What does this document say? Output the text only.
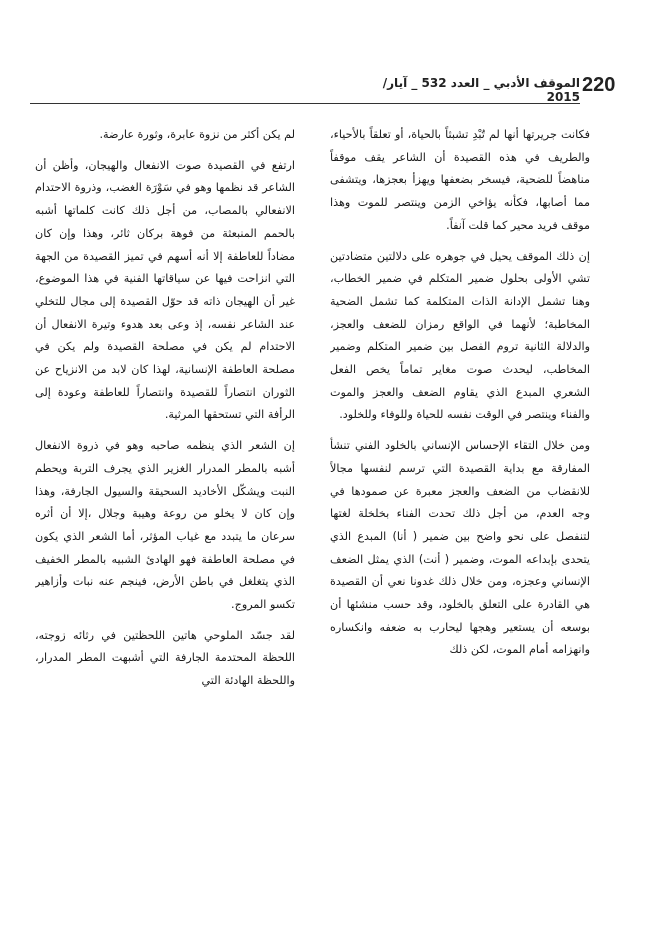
220
الموقف الأدبي _ العدد 532 _ آيار/ 2015

فكانت جريرتها أنها لم تُبْدِ تشبثاً بالحياة، أو تعلقاً بالأحياء، والطريف في هذه القصيدة أن الشاعر يقف موقفاً مناهضاً للضحية، فيسخر بضعفها ويهزأ بعجزها، ويتشفى مما أصابها، فكأنه يؤاخي الزمن وينتصر للموت وهذا موقف فريد محير كما قلت آنفاً.

إن ذلك الموقف يحيل في جوهره على دلالتين متضادتين تشي الأولى بحلول ضمير المتكلم في ضمير الخطاب، وهنا تشمل الإدانة الذات المتكلمة كما تشمل الضحية المخاطبة؛ لأنهما في الواقع رمزان للضعف والعجز، والدلالة الثانية تروم الفصل بين ضمير المتكلم وضمير المخاطب، ليحدث صوت مغاير تماماً يخص الفعل الشعري المبدع الذي يقاوم الضعف والعجز والموت والفناء وينتصر في الوقت نفسه للحياة وللوفاء وللخلود.

ومن خلال التقاء الإحساس الإنساني بالخلود الفني تنشأ المفارقة مع بداية القصيدة التي ترسم لنفسها مجالاً للانقضاب من الضعف والعجز معبرة عن صمودها في وجه العدم، من أجل ذلك تحدت الفناء بخلخلة لغتها لتنفصل على نحو واضح بين ضمير ( أنا) المبدع الذي يتحدى بإبداعه الموت، وضمير ( أنت) الذي يمثل الضعف الإنساني وعجزه، ومن خلال ذلك غدونا نعي أن القصيدة هي القادرة على التعلق بالخلود، وقد حسب منشئها أن بوسعه أن يستعير وهجها ليحارب به ضعفه وانكساره وانهزامه أمام الموت، لكن ذلك

لم يكن أكثر من نزوة عابرة، وثورة عارضة.

ارتفع في القصيدة صوت الانفعال والهيجان، وأظن أن الشاعر قد نظمها وهو في سَوْرَة الغضب، وذروة الاحتدام الانفعالي بالمصاب، من أجل ذلك كانت كلماتها أشبه بالحمم المنبعثة من فوهة بركان ثائر، وهذا وإن كان مضاداً للعاطفة إلا أنه أسهم في تميز القصيدة من الجهة التي انزاحت فيها عن سياقاتها الفنية في هذا الموضوع، غير أن الهيجان ذاته قد حوّل القصيدة إلى مجال للتخلي عند الشاعر نفسه، إذ وعى بعد هدوء وتيرة الانفعال أن الاحتدام لم يكن في مصلحة القصيدة ولم يكن في مصلحة العاطفة الإنسانية، لهذا كان لابد من الانزياح عن الثوران انتصاراً للقصيدة وانتصاراً للعاطفة وعودة إلى الرأفة التي تستحقها المرثية.

إن الشعر الذي ينظمه صاحبه وهو في ذروة الانفعال أشبه بالمطر المدرار الغزير الذي يجرف التربة ويحطم النبت ويشكّل الأخاديد السحيقة والسيول الجارفة، وهذا وإن كان لا يخلو من روعة وهيبة وجلال ،إلا أن أثره سرعان ما يتبدد مع غياب المؤثر، أما الشعر الذي يكون في مصلحة العاطفة فهو الهادئ الشبيه بالمطر الخفيف الذي يتغلغل في باطن الأرض، فينجم عنه نبات وأزاهير تكسو المروج.

لقد جسّد الملوحي هاتين اللحظتين في رثائه زوجته، اللحظة المحتدمة الجارفة التي أشبهت المطر المدرار، واللحظة الهادئة التي
